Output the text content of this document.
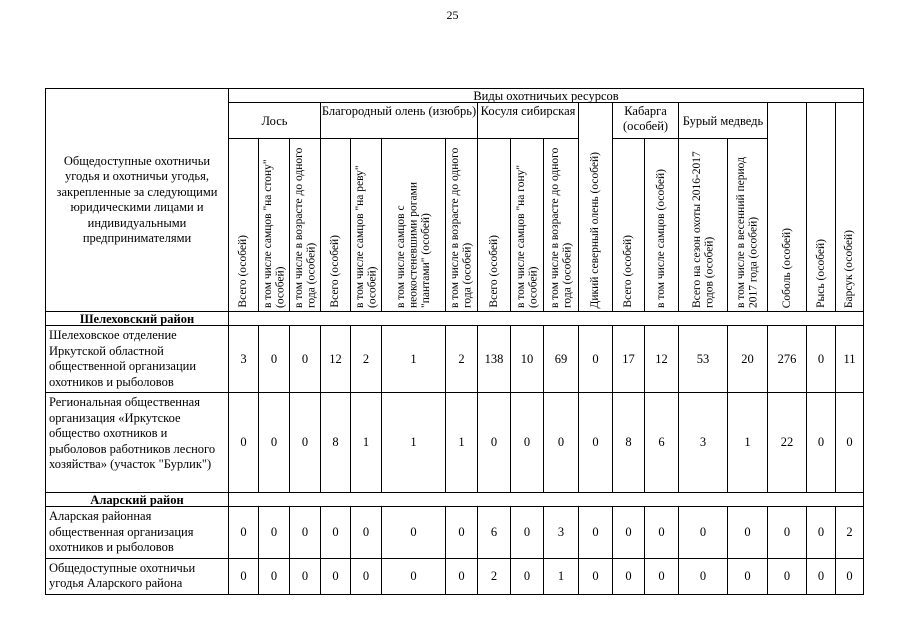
25
Общедоступные охотничьи угодья и охотничьи угодья, закрепленные за следующими юридическими лицами и индивидуальными предпринимателями	Виды охотничьих ресурсов																	
	Лось			Благородный олень (изюбрь)				Косуля сибирская			Дикий северный олень (особей)	Кабарга (особей)		Бурый медведь		Соболь (особей)	Рысь (особей)	Барсук (особей)

	Всего (особей)	в том числе самцов "на стону" (особей)	в том числе в возрасте до одного года (особей)	Всего (особей)	в том числе самцов "на реву" (особей)	в том числе самцов с неокостеневшими рогами "пантами" (особей)	в том числе в возрасте до одного года (особей)	Всего (особей)	в том числе самцов "на гону" (особей)	в том числе в возрасте до одного года (особей)		Всего (особей)	в том числе самцов (особей)	Всего на сезон охоты 2016-2017 годов (особей)	в том числе в весенний период 2017 года (особей)			

Шелеховский район																		
Шелеховское отделение Иркутской областной общественной организации охотников и рыболовов	3	0	0	12	2	1	2	138	10	69	0	17	12	53	20	276	0	11
Региональная общественная организация «Иркутское общество охотников и рыболовов работников лесного хозяйства» (участок "Бурлик")	0	0	0	8	1	1	1	0	0	0	0	8	6	3	1	22	0	0
Аларский район																		
Аларская районная общественная организация охотников и рыболовов	0	0	0	0	0	0	0	6	0	3	0	0	0	0	0	0	0	2
Общедоступные охотничьи угодья Аларского района	0	0	0	0	0	0	0	2	0	1	0	0	0	0	0	0	0	0
